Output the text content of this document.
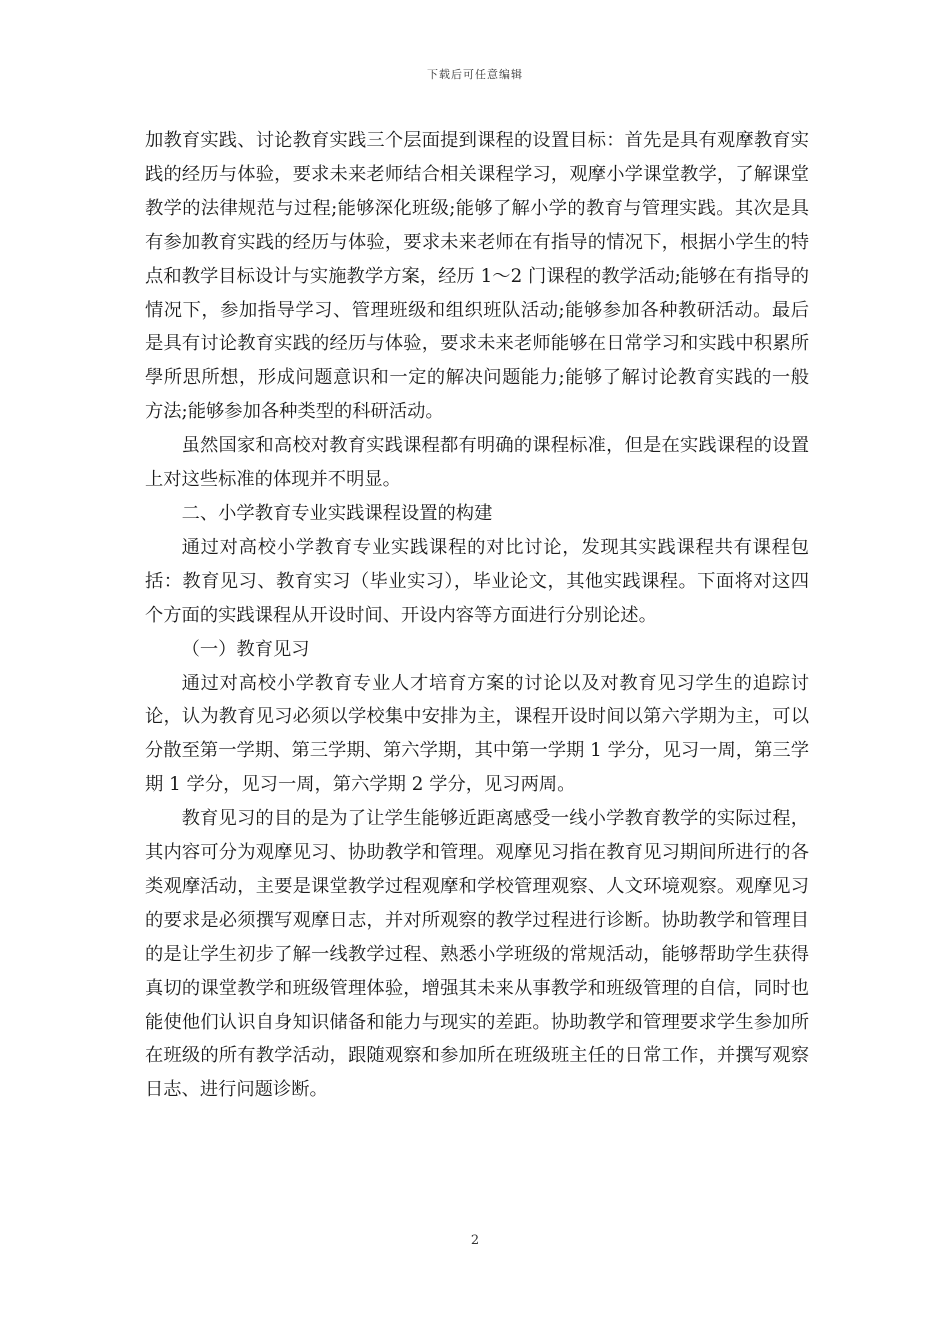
下载后可任意编辑

加教育实践、讨论教育实践三个层面提到课程的设置目标：首先是具有观摩教育实践的经历与体验，要求未来老师结合相关课程学习，观摩小学课堂教学，了解课堂教学的法律规范与过程;能够深化班级;能够了解小学的教育与管理实践。其次是具有参加教育实践的经历与体验，要求未来老师在有指导的情况下，根据小学生的特点和教学目标设计与实施教学方案，经历 1～2 门课程的教学活动;能够在有指导的情况下，参加指导学习、管理班级和组织班队活动;能够参加各种教研活动。最后是具有讨论教育实践的经历与体验，要求未来老师能够在日常学习和实践中积累所學所思所想，形成问题意识和一定的解决问题能力;能够了解讨论教育实践的一般方法;能够参加各种类型的科研活动。

虽然国家和高校对教育实践课程都有明确的课程标准，但是在实践课程的设置上对这些标准的体现并不明显。

二、小学教育专业实践课程设置的构建

通过对高校小学教育专业实践课程的对比讨论，发现其实践课程共有课程包括：教育见习、教育实习（毕业实习），毕业论文，其他实践课程。下面将对这四个方面的实践课程从开设时间、开设内容等方面进行分别论述。

（一）教育见习

通过对高校小学教育专业人才培育方案的讨论以及对教育见习学生的追踪讨论，认为教育见习必须以学校集中安排为主，课程开设时间以第六学期为主，可以分散至第一学期、第三学期、第六学期，其中第一学期 1 学分，见习一周，第三学期 1 学分，见习一周，第六学期 2 学分，见习两周。

教育见习的目的是为了让学生能够近距离感受一线小学教育教学的实际过程，其内容可分为观摩见习、协助教学和管理。观摩见习指在教育见习期间所进行的各类观摩活动，主要是课堂教学过程观摩和学校管理观察、人文环境观察。观摩见习的要求是必须撰写观摩日志，并对所观察的教学过程进行诊断。协助教学和管理目的是让学生初步了解一线教学过程、熟悉小学班级的常规活动，能够帮助学生获得真切的课堂教学和班级管理体验，增强其未来从事教学和班级管理的自信，同时也能使他们认识自身知识储备和能力与现实的差距。协助教学和管理要求学生参加所在班级的所有教学活动，跟随观察和参加所在班级班主任的日常工作，并撰写观察日志、进行问题诊断。

2
